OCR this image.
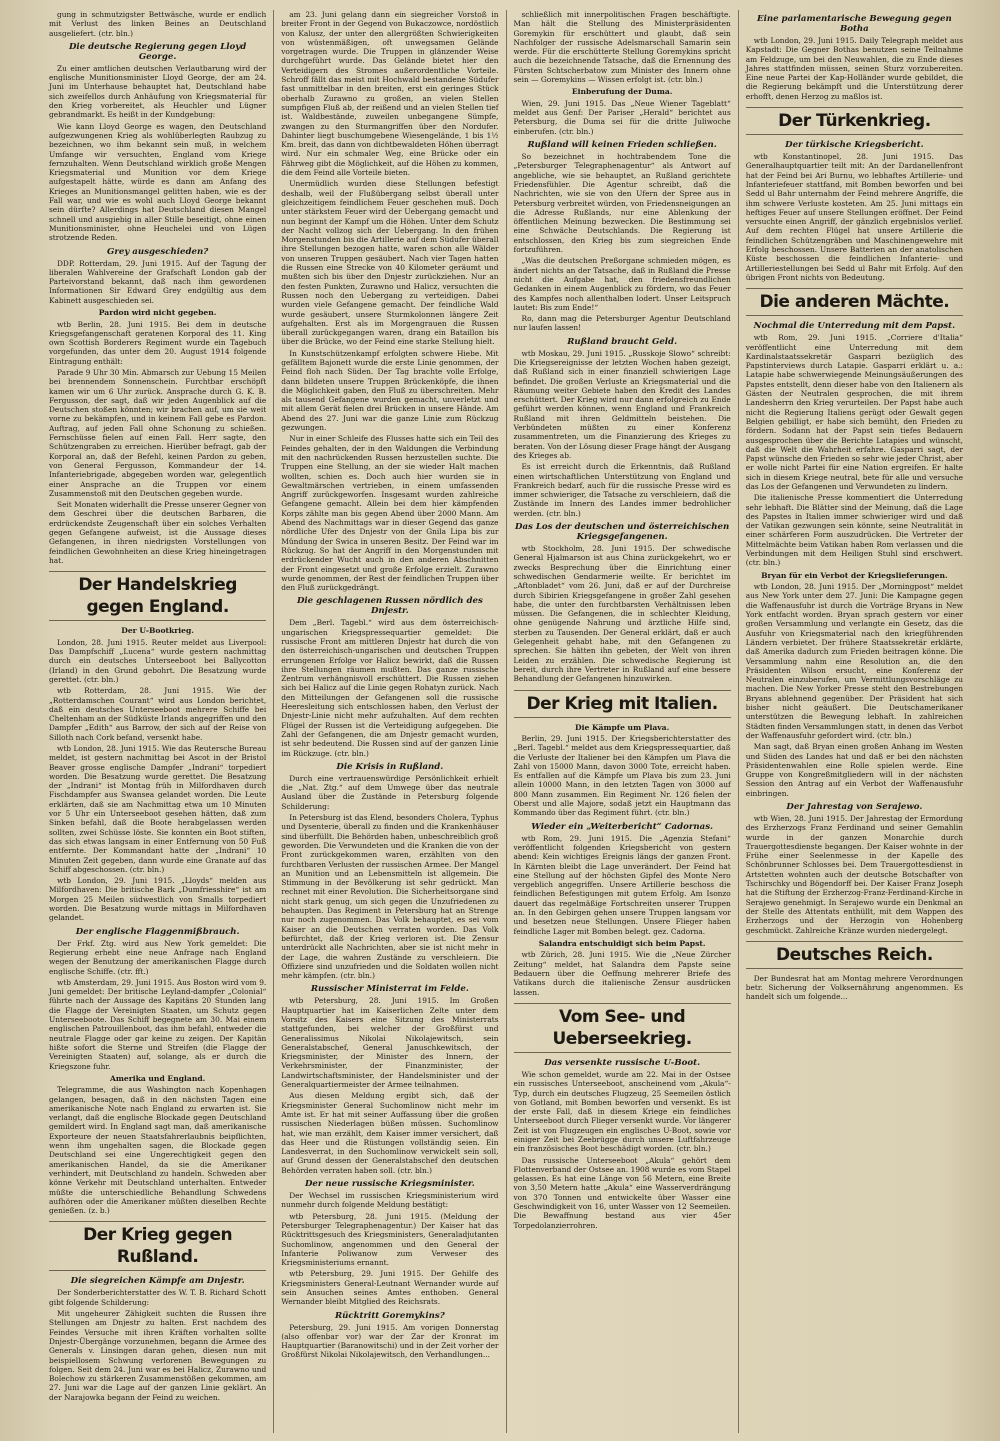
gung in schmutzigster Bettwäsche, wurde er endlich mit Verlust des linken Beines an Deutschland ausgeliefert. (ctr. bln.)

Die deutsche Regierung gegen Lloyd George.

Zu einer amtlichen deutschen Verlautbarung wird der englische Munitionsminister Lloyd George, der am 24. Juni im Unterhause behauptet hat, Deutschland habe sich zweifellos durch Anhäufung von Kriegsmaterial für den Krieg vorbereitet, als Heuchler und Lügner gebrandmarkt. Es heißt in der Kundgebung:

Wie kann Lloyd George es wagen, den Deutschland aufgezwungenen Krieg als wohlüberlegten Raubzug zu bezeichnen, wo ihm bekannt sein muß, in welchem Umfange wir versuchten, England vom Kriege fernzuhalten. Wenn Deutschland wirklich große Mengen Kriegsmaterial und Munition vor dem Kriege aufgestapelt hätte, würde es dann am Anfang des Krieges an Munitionsmangel gelitten haben, wie es der Fall war, und wie es wohl auch Lloyd George bekannt sein dürfte? Allerdings hat Deutschland diesen Mangel schnell und ausgiebig in aller Stille beseitigt, ohne einen Munitionsminister, ohne Heuchelei und von Lügen strotzende Reden.

Grey ausgeschieden?

DDP. Rotterdam, 29. Juni 1915. Auf der Tagung der liberalen Wahlvereine der Grafschaft London gab der Parteivorstand bekannt, daß nach ihm gewordenen Informationen Sir Edward Grey endgültig aus dem Kabinett ausgeschieden sei.

Pardon wird nicht gegeben.

wtb Berlin, 28. Juni 1915. Bei dem in deutsche Kriegsgefangenschaft geratenen Korporal des 11. King own Scottish Borderers Regiment wurde ein Tagebuch vorgefunden, das unter dem 20. August 1914 folgende Eintragung enthält:

Parade 9 Uhr 30 Min. Abmarsch zur Uebung 15 Meilen bei brennendem Sonnenschein. Furchtbar erschöpft kamen wir um 6 Uhr zurück. Ansprache durch G. K. B. Fergusson, der sagt, daß wir jeden Augenblick auf die Deutschen stoßen könnten; wir brachen auf, um sie weit vorne zu bekämpfen, und in keinem Fall gebe es Pardon. Auftrag, auf jeden Fall ohne Schonung zu schießen. Fernschüsse fielen auf einen Fall. Herr sagte, den Schützengraben zu erreichen. Hierüber befragt, gab der Korporal an, daß der Befehl, keinen Pardon zu geben, von General Fergusson, Kommandeur der 14. Infanteriebrigade, abgegeben worden war, gelegentlich einer Ansprache an die Truppen vor einem Zusammenstoß mit den Deutschen gegeben wurde.

Seit Monaten widerhallt die Presse unserer Gegner von dem Geschrei über die deutschen Barbaren, die erdrückendste Zeugenschaft über ein solches Verhalten gegen Gefangene aufweist, ist die Aussage dieses Gefangenen, in ihren niedrigsten Vorstellungen von feindlichen Gewohnheiten an diese Krieg hineingetragen hat.

Der Handelskrieg gegen England.
Der U-Bootkrieg.

London, 28. Juni 1915. Reuter meldet aus Liverpool: Das Dampfschiff „Lucena“ wurde gestern nachmittag durch ein deutsches Unterseeboot bei Ballycotton (Irland) in den Grund gebohrt. Die Besatzung wurde gerettet. (ctr. bln.)

wtb Rotterdam, 28. Juni 1915. Wie der „Rotterdamschen Courant“ wird aus London berichtet, daß ein deutsches Unterseeboot mehrere Schiffe bei Cheltenham an der Südküste Irlands angegriffen und den Dampfer „Edith“ aus Barrow, der sich auf der Reise von Silloth nach Cork befand, versenkt habe.

wtb London, 28. Juni 1915. Wie das Reutersche Bureau meldet, ist gestern nachmittag bei Ascot in der Bristol Beaver grosse englische Dampfer „Indrani“ torpediert worden. Die Besatzung wurde gerettet. Die Besatzung der „Indrani“ ist Montag früh in Milfordhaven durch Fischdampfer aus Swansea gelandet worden. Die Leute erklärten, daß sie am Nachmittag etwa um 10 Minuten vor 5 Uhr ein Unterseeboot gesehen hätten, daß zum Sinken befahl, daß die Boote herabgelassen werden sollten, zwei Schüsse löste. Sie konnten ein Boot stiften, das sich etwas langsam in einer Entfernung von 50 Fuß entfernte. Der Kommandant hatte der „Indrani“ 10 Minuten Zeit gegeben, dann wurde eine Granate auf das Schiff abgeschossen. (ctr. bln.)

wtb London, 29. Juni 1915. „Lloyds“ melden aus Milfordhaven: Die britische Bark „Dumfriesshire“ ist am Morgen 25 Meilen südwestlich von Smalls torpediert worden. Die Besatzung wurde mittags in Milfordhaven gelandet.

Der englische Flaggenmißbrauch.

Der Frkf. Ztg. wird aus New York gemeldet: Die Regierung erhebt eine neue Anfrage nach England wegen der Benutzung der amerikanischen Flagge durch englische Schiffe. (ctr. fft.)

wtb Amsterdam, 29. Juni 1915. Aus Boston wird vom 9. Juni gemeldet: Der britische Leyland-dampfer „Colonial“ führte nach der Aussage des Kapitäns 20 Stunden lang die Flagge der Vereinigten Staaten, um Schutz gegen Unterseeboote. Das Schiff begegnete am 30. Mai einem englischen Patrouillenboot, das ihm befahl, entweder die neutrale Flagge oder gar keine zu zeigen. Der Kapitän hißte sofort die Sterne und Streifen (die Flagge der Vereinigten Staaten) auf, solange, als er durch die Kriegszone fuhr.

Amerika und England.

Telegramme, die aus Washington nach Kopenhagen gelangen, besagen, daß in den nächsten Tagen eine amerikanische Note nach England zu erwarten ist. Sie verlangt, daß die englische Blockade gegen Deutschland gemildert wird. In England sagt man, daß amerikanische Exporteure der neuen Staatsfahrerlaubnis beipflichten, wenn ihm ungehalten sagen, die Blockade gegen Deutschland sei eine Ungerechtigkeit gegen den amerikanischen Handel, da sie die Amerikaner verhindert, mit Deutschland zu handeln. Schweden aber könne Verkehr mit Deutschland unterhalten. Entweder müßte die unterschiedliche Behandlung Schwedens aufhören oder die Amerikaner müßten dieselben Rechte genießen. (z. b.)

Der Krieg gegen Rußland.
Die siegreichen Kämpfe am Dnjestr.

Der Sonderberichterstatter des W. T. B. Richard Schott gibt folgende Schilderung:

Mit ungeheurer Zähigkeit suchten die Russen ihre Stellungen am Dnjestr zu halten. Erst nachdem des Feindes Versuche mit ihren Kräften vorhalten sollte Dnjestr-Übergänge vorzunehmen, begann die Armee des Generals v. Linsingen daran gehen, diesen nun mit beispiellosem Schwung verlorenen Bewegungen zu folgen. Seit dem 24. Juni war es bei Halicz, Zurawno und Bolechow zu stärkeren Zusammenstößen gekommen, am 27. Juni war die Lage auf der ganzen Linie geklärt. An der Narajowka begann der Feind zu weichen.

am 23. Juni gelang dann ein siegreicher Vorstoß in breiter Front in der Gegend von Bukaczowce, nordöstlich von Kalusz, der unter den allergrößten Schwierigkeiten von wüstenmäßigen, oft unwegsamen Gelände vorgetragen wurde. Die Truppen in glänzender Weise durchgeführt wurde. Das Gelände bietet hier den Verteidigern des Stromes außerordentliche Vorteile. Schroff fällt das meist mit Hochwald bestandene Südufer fast unmittelbar in den breiten, erst ein geringes Stück oberhalb Zurawno zu großen, an vielen Stellen sumpfigen Fluß ab, der reißend und an vielen Stellen tief ist. Waldbestände, zuweilen unbegangene Sümpfe, zwangen zu den Sturmangriffen über den Nordufer. Dahinter liegt buschumgebene Wiesengelände, 1 bis 1½ Km. breit, das dann von dichtbewaldeten Höhen überragt wird. Nur ein schmaler Weg, eine Brücke oder ein Fährweg gibt die Möglichkeit, auf die Höhen zu kommen, die dem Feind alle Vorteile bieten.

Unermüdlich wurden diese Stellungen befestigt deshalb, weil der Flußübergang selbst überall unter gleichzeitigem feindlichem Feuer geschehen muß. Doch unter stärkstem Feuer wird der Uebergang gemacht und nun beginnt der Kampf um die Höhen. Unter dem Schutz der Nacht vollzog sich der Uebergang. In den frühen Morgenstunden bis die Artillerie auf dem Südufer überall ihre Stellungen bezogen hatte, waren schon alle Wälder von unseren Truppen gesäubert. Nach vier Tagen hatten die Russen eine Strecke von 40 Kilometer geräumt und mußten sich bis über den Dnjestr zurückziehen. Nur an den festen Punkten, Zurawno und Halicz, versuchten die Russen noch den Uebergang zu verteidigen. Dabei wurden viele Gefangene gemacht. Der feindliche Wald wurde gesäubert, unsere Sturmkolonnen längere Zeit aufgehalten. Erst als im Morgengrauen die Russen überall zurückgegangen waren, drang ein Bataillon bis über die Brücke, wo der Feind eine starke Stellung hielt.

In Kunstschützenkampf erfolgten schwere Hiebe. Mit gefälltem Bajonett wurde die erste Linie genommen, der Feind floh nach Süden. Der Tag brachte volle Erfolge, dann bildeten unsere Truppen Brückenköpfe, die ihnen die Möglichkeit gaben, den Fluß zu überschreiten. Mehr als tausend Gefangene wurden gemacht, unverletzt und mit allem Gerät fielen drei Brücken in unsere Hände. Am Abend des 27. Juni war die ganze Linie zum Rückzug gezwungen.

Nur in einer Schleife des Flusses hatte sich ein Teil des Feindes gehalten, der in den Waldungen die Verbindung mit den nachrückenden Russen herzustellen suchte. Die Truppen eine Stellung, an der sie wieder Halt machen wollten, schien es. Doch auch hier wurden sie in Gewaltmärschen vertrieben, in einem umfassenden Angriff zurückgeworfen. Insgesamt wurden zahlreiche Gefangene gemacht. Allein bei dem hier kämpfenden Korps zählte man bis gegen Abend über 2000 Mann. Am Abend des Nachmittags war in dieser Gegend das ganze nördliche Ufer des Dnjestr von der Gnila Lipa bis zur Mündung der Swica in unseren Besitz. Der Feind war im Rückzug. So hat der Angriff in den Morgenstunden mit erdrückender Wucht auch in den anderen Abschnitten der Front eingesetzt und große Erfolge erzielt. Zurawno wurde genommen, der Rest der feindlichen Truppen über den Fluß zurückgedrängt.

Die geschlagenen Russen nördlich des Dnjestr.

Dem „Berl. Tagebl.“ wird aus dem österreichisch-ungarischen Kriegspressequartier gemeldet: Die russische Front am mittleren Dnjestr hat durch die von den österreichisch-ungarischen und deutschen Truppen errungenen Erfolge vor Halicz bewirkt, daß die Russen ihre Stellungen räumen mußten. Das ganze russische Zentrum verhängnisvoll erschüttert. Die Russen ziehen sich bei Halicz auf die Linie gegen Rohatyn zurück. Nach den Mitteilungen der Gefangenen soll die russische Heeresleitung sich entschlossen haben, den Verlust der Dnjestr-Linie nicht mehr aufzuhalten. Auf dem rechten Flügel der Russen ist die Verteidigung aufgegeben. Die Zahl der Gefangenen, die am Dnjestr gemacht wurden, ist sehr bedeutend. Die Russen sind auf der ganzen Linie im Rückzuge. (ctr. bln.)

Die Krisis in Rußland.

Durch eine vertrauenswürdige Persönlichkeit erhielt die „Nat. Ztg.“ auf dem Umwege über das neutrale Ausland über die Zustände in Petersburg folgende Schilderung:

In Petersburg ist das Elend, besonders Cholera, Typhus und Dysenterie, überall zu finden und die Krankenhäuser sind überfüllt. Die Behörden haben, unbeschreiblich groß geworden. Die Verwundeten und die Kranken die von der Front zurückgekommen waren, erzählten von den furchtbaren Verlusten der russischen Armee. Der Mangel an Munition und an Lebensmitteln ist allgemein. Die Stimmung in der Bevölkerung ist sehr gedrückt. Man rechnet mit einer Revolution. Die Sicherheitsorgane sind nicht stark genug, um sich gegen die Unzufriedenen zu behaupten. Das Regiment in Petersburg hat an Strenge nur noch zugenommen. Das Volk behauptet, es sei vom Kaiser an die Deutschen verraten worden. Das Volk befürchtet, daß der Krieg verloren ist. Die Zensur unterdrückt alle Nachrichten, aber sie ist nicht mehr in der Lage, die wahren Zustände zu verschleiern. Die Offiziere sind unzufrieden und die Soldaten wollen nicht mehr kämpfen. (ctr. bln.)

Russischer Ministerrat im Felde.

wtb Petersburg, 28. Juni 1915. Im Großen Hauptquartier hat im Kaiserlichen Zelte unter dem Vorsitz des Kaisers eine Sitzung des Ministerrats stattgefunden, bei welcher der Großfürst und Generalissimus Nikolai Nikolajewitsch, sein Generalstabschef, General Januschkewitsch, der Kriegsminister, der Minister des Innern, der Verkehrsminister, der Finanzminister, der Landwirtschaftsminister, der Handelsminister und der Generalquartiermeister der Armee teilnahmen.

Aus diesen Meldung ergibt sich, daß der Kriegsminister General Suchomlinow nicht mehr im Amte ist. Er hat mit seiner Auffassung über die großen russischen Niederlagen büßen müssen. Suchomlinow hat, wie man erzählt, dem Kaiser immer versichert, daß das Heer und die Rüstungen vollständig seien. Ein Landesverrat, in den Suchomlinow verwickelt sein soll, auf Grund dessen der Generalstabschef den deutschen Behörden verraten haben soll. (ctr. bln.)

Der neue russische Kriegsminister.

Der Wechsel im russischen Kriegsministerium wird nunmehr durch folgende Meldung bestätigt:

wtb Petersburg, 28. Juni 1915. (Meldung der Petersburger Telegraphenagentur.) Der Kaiser hat das Rücktrittsgesuch des Kriegsministers, Generaladjutanten Suchomlinow, angenommen und den General der Infanterie Poliwanow zum Verweser des Kriegsministeriums ernannt.

wtb Petersburg, 29. Juni 1915. Der Gehilfe des Kriegsministers General-Leutnant Wernander wurde auf sein Ansuchen seines Amtes enthoben. General Wernander bleibt Mitglied des Reichsrats.

Rücktritt Goremykins?

Petersburg, 29. Juni 1915. Am vorigen Donnerstag (also offenbar vor) war der Zar der Kronrat im Hauptquartier (Baranowitschi) und in der Zeit vorher der Großfürst Nikolai Nikolajewitsch, den Verhandlungen...

schließlich mit innerpolitischen Fragen beschäftigte. Man hält die Stellung des Ministerpräsidenten Goremykin für erschüttert und glaubt, daß sein Nachfolger der russische Adelsmarschall Samarin sein werde. Für die erschütterte Stellung Goremykins spricht auch die bezeichnende Tatsache, daß die Ernennung des Fürsten Schtscherbatow zum Minister des Innern ohne sein — Goremykins — Wissen erfolgt ist. (ctr. bln.)

Einberufung der Duma.

Wien, 29. Juni 1915. Das „Neue Wiener Tageblatt“ meldet aus Genf: Der Pariser „Herald“ berichtet aus Petersburg, die Duma sei für die dritte Juliwoche einberufen. (ctr. bln.)

Rußland will keinen Frieden schließen.

So bezeichnet in hochtrabendem Tone die „Petersburger Telegraphenagentur“ als Antwort auf angebliche, wie sie behauptet, an Rußland gerichtete Friedensfühler. Die Agentur schreibt, daß die Nachrichten, wie sie von den Ufern der Spree aus in Petersburg verbreitet würden, von Friedensneigungen an die Adresse Rußlands, nur eine Ablenkung der öffentlichen Meinung bezwecken. Die Bestimmung sei eine Schwäche Deutschlands. Die Regierung ist entschlossen, den Krieg bis zum siegreichen Ende fortzuführen.

„Was die deutschen Preßorgane schmieden mögen, es ändert nichts an der Tatsache, daß in Rußland die Presse nicht die Aufgabe hat, den friedensfreundlichen Gedanken in einem Augenblick zu fördern, wo das Feuer des Kampfes noch allenthalben lodert. Unser Leitspruch lautet: Bis zum Ende!“

Ro, dann mag die Petersburger Agentur Deutschland nur laufen lassen!

Rußland braucht Geld.

wtb Moskau, 29. Juni 1915. „Russkoje Slowo“ schreibt: Die Kriegsereignisse der letzten Wochen haben gezeigt, daß Rußland sich in einer finanziell schwierigen Lage befindet. Die großen Verluste an Kriegsmaterial und die Räumung weiter Gebiete haben den Kredit des Landes erschüttert. Der Krieg wird nur dann erfolgreich zu Ende geführt werden können, wenn England und Frankreich Rußland mit ihren Geldmitteln beistehen. Die Verbündeten müßten zu einer Konferenz zusammentreten, um die Finanzierung des Krieges zu beraten. Von der Lösung dieser Frage hängt der Ausgang des Krieges ab.

Es ist erreicht durch die Erkenntnis, daß Rußland einen wirtschaftlichen Unterstützung von England und Frankreich bedarf, auch für die russische Presse wird es immer schwieriger, die Tatsache zu verschleiern, daß die Zustände im Innern des Landes immer bedrohlicher werden. (ctr. bln.)

Das Los der deutschen und österreichischen Kriegsgefangenen.

wtb Stockholm, 28. Juni 1915. Der schwedische General Hjalmarson ist aus China zurückgekehrt, wo er zwecks Besprechung über die Einrichtung einer schwedischen Gendarmerie weilte. Er berichtet im „Aftonbladet“ vom 26. Juni, daß er auf der Durchreise durch Sibirien Kriegsgefangene in großer Zahl gesehen habe, die unter den furchtbarsten Verhältnissen leben müssen. Die Gefangenen, die in schlechter Kleidung, ohne genügende Nahrung und ärztliche Hilfe sind, sterben zu Tausenden. Der General erklärt, daß er auch Gelegenheit gehabt habe, mit den Gefangenen zu sprechen. Sie hätten ihn gebeten, der Welt von ihren Leiden zu erzählen. Die schwedische Regierung ist bereit, durch ihre Vertreter in Rußland auf eine bessere Behandlung der Gefangenen hinzuwirken.

Der Krieg mit Italien.
Die Kämpfe um Plava.

Berlin, 29. Juni 1915. Der Kriegsberichterstatter des „Berl. Tagebl.“ meldet aus dem Kriegspressequartier, daß die Verluste der Italiener bei den Kämpfen um Plava die Zahl von 15000 Mann, davon 3000 Tote, erreicht haben. Es entfallen auf die Kämpfe um Plava bis zum 23. Juni allein 10000 Mann, in den letzten Tagen von 3000 auf 800 Mann zusammen. Ein Regiment Nr. 126 fielen der Oberst und alle Majore, sodaß jetzt ein Hauptmann das Kommando über das Regiment führt. (ctr. bln.)

Wieder ein „Weiterbericht“ Cadornas.

wtb Rom, 29. Juni 1915. Die „Agenzia Stefani“ veröffentlicht folgenden Kriegsbericht von gestern abend: Kein wichtiges Ereignis längs der ganzen Front. In Kärnten bleibt die Lage unverändert. Der Feind hat eine Stellung auf der höchsten Gipfel des Monte Nero vergeblich angegriffen. Unsere Artillerie beschoss die feindlichen Befestigungen mit gutem Erfolg. Am Isonzo dauert das regelmäßige Fortschreiten unserer Truppen an. In den Gebirgen gehen unsere Truppen langsam vor und besetzen neue Stellungen. Unsere Flieger haben feindliche Lager mit Bomben belegt. gez. Cadorna.

Salandra entschuldigt sich beim Papst.

wtb Zürich, 28. Juni 1915. Wie die „Neue Zürcher Zeitung“ meldet, hat Salandra dem Papste seine Bedauern über die Oeffnung mehrerer Briefe des Vatikans durch die italienische Zensur ausdrücken lassen.

Vom See- und Ueberseekrieg.
Das versenkte russische U-Boot.

Wie schon gemeldet, wurde am 22. Mai in der Ostsee ein russisches Unterseeboot, anscheinend vom „Akula“-Typ, durch ein deutsches Flugzeug, 25 Seemeilen östlich von Gotland, mit Bomben beworfen und versenkt. Es ist der erste Fall, daß in diesem Kriege ein feindliches Unterseeboot durch Flieger versenkt wurde. Vor längerer Zeit ist von Flugzeugen ein englisches U-Boot, sowie vor einiger Zeit bei Zeebrügge durch unsere Luftfahrzeuge ein französisches Boot beschädigt worden. (ctr. bln.)

Das russische Unterseeboot „Akula“ gehört dem Flottenverband der Ostsee an. 1908 wurde es vom Stapel gelassen. Es hat eine Länge von 56 Metern, eine Breite von 3,50 Metern hatte „Akula“ eine Wasserverdrängung von 370 Tonnen und entwickelte über Wasser eine Geschwindigkeit von 16, unter Wasser von 12 Seemeilen. Die Bewaffnung bestand aus vier 45er Torpedolanzierrohren.

Eine parlamentarische Bewegung gegen Botha

wtb London, 29. Juni 1915. Daily Telegraph meldet aus Kapstadt: Die Gegner Bothas benutzen seine Teilnahme am Feldzuge, um bei den Neuwahlen, die zu Ende dieses Jahres stattfinden müssen, seinen Sturz vorzubereiten. Eine neue Partei der Kap-Holländer wurde gebildet, die die Regierung bekämpft und die Unterstützung derer erhofft, denen Herzog zu maßlos ist.

Der Türkenkrieg.
Der türkische Kriegsbericht.

wtb Konstantinopel, 28. Juni 1915. Das Generalhauptquartier teilt mit: An der Dardanellenfront hat der Feind bei Ari Burnu, wo lebhaftes Artillerie- und Infanteriefeuer stattfand, mit Bomben beworfen und bei Sedd ul Bahr unternahm der Feind mehrere Angriffe, die ihm schwere Verluste kosteten. Am 25. Juni mittags ein heftiges Feuer auf unsere Stellungen eröffnet. Der Feind versuchte einen Angriff, der gänzlich ergebnislos verlief. Auf dem rechten Flügel hat unsere Artillerie die feindlichen Schützengräben und Maschinengewehre mit Erfolg beschossen. Unsere Batterien an der anatolischen Küste beschossen die feindlichen Infanterie- und Artilleriestellungen bei Sedd ul Bahr mit Erfolg. Auf den übrigen Front nichts von Bedeutung.

Die anderen Mächte.
Nochmal die Unterredung mit dem Papst.

wtb Rom, 29. Juni 1915. „Corriere d'Italia“ veröffentlicht eine Unterredung mit dem Kardinalstaatssekretär Gasparri bezüglich des Papstinterviews durch Latapie. Gasparri erklärt u. a.: Latapie habe schwerwiegende Meinungsäußerungen des Papstes entstellt, denn dieser habe von den Italienern als Gästen der Neutralen gesprochen, die mit ihrem Landesherrn den Krieg verurteilen. Der Papst habe auch nicht die Regierung Italiens gerügt oder Gewalt gegen Belgien gebilligt, er habe sich bemüht, den Frieden zu fördern. Sodann hat der Papst sein tiefes Bedauern ausgesprochen über die Berichte Latapies und wünscht, daß die Welt die Wahrheit erfahre. Gasparri sagt, der Papst wünsche den Frieden so sehr wie jeder Christ, aber er wolle nicht Partei für eine Nation ergreifen. Er halte sich in diesem Kriege neutral, bete für alle und versuche das Los der Gefangenen und Verwundeten zu lindern.

Die italienische Presse kommentiert die Unterredung sehr lebhaft. Die Blätter sind der Meinung, daß die Lage des Papstes in Italien immer schwieriger wird und daß der Vatikan gezwungen sein könnte, seine Neutralität in einer schärferen Form auszudrücken. Die Vertreter der Mittelmächte beim Vatikan haben Rom verlassen und die Verbindungen mit dem Heiligen Stuhl sind erschwert. (ctr. bln.)

Bryan für ein Verbot der Kriegslieferungen.

wtb London, 28. Juni 1915. Der „Morningpost“ meldet aus New York unter dem 27. Juni: Die Kampagne gegen die Waffenausfuhr ist durch die Vorträge Bryans in New York entfacht worden. Bryan sprach gestern vor einer großen Versammlung und verlangte ein Gesetz, das die Ausfuhr von Kriegsmaterial nach den kriegführenden Ländern verbietet. Der frühere Staatssekretär erklärte, daß Amerika dadurch zum Frieden beitragen könne. Die Versammlung nahm eine Resolution an, die den Präsidenten Wilson ersucht, eine Konferenz der Neutralen einzuberufen, um Vermittlungsvorschläge zu machen. Die New Yorker Presse steht den Bestrebungen Bryans ablehnend gegenüber. Der Präsident hat sich bisher nicht geäußert. Die Deutschamerikaner unterstützen die Bewegung lebhaft. In zahlreichen Städten finden Versammlungen statt, in denen das Verbot der Waffenausfuhr gefordert wird. (ctr. bln.)

Man sagt, daß Bryan einen großen Anhang im Westen und Süden des Landes hat und daß er bei den nächsten Präsidentenwahlen eine Rolle spielen werde. Eine Gruppe von Kongreßmitgliedern will in der nächsten Session den Antrag auf ein Verbot der Waffenausfuhr einbringen.

Der Jahrestag von Serajewo.

wtb Wien, 28. Juni 1915. Der Jahrestag der Ermordung des Erzherzogs Franz Ferdinand und seiner Gemahlin wurde in der ganzen Monarchie durch Trauergottesdienste begangen. Der Kaiser wohnte in der Frühe einer Seelenmesse in der Kapelle des Schönbrunner Schlosses bei. Dem Trauergottesdienst in Artstetten wohnten auch der deutsche Botschafter von Tschirschky und Bögendorff bei. Der Kaiser Franz Joseph hat die Stiftung der Erzherzog-Franz-Ferdinand-Kirche in Serajewo genehmigt. In Serajewo wurde ein Denkmal an der Stelle des Attentats enthüllt, mit dem Wappen des Erzherzogs und der Herzogin von Hohenberg geschmückt. Zahlreiche Kränze wurden niedergelegt.

Deutsches Reich.

Der Bundesrat hat am Montag mehrere Verordnungen betr. Sicherung der Volksernährung angenommen. Es handelt sich um folgende...
